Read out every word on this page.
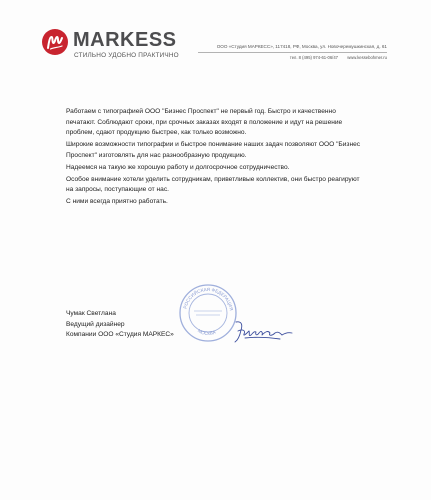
MARKESS
СТИЛЬНО УДОБНО ПРАКТИЧНО
ООО «Студия МАРКЕСС», 117418, РФ, Москва, ул. Новочеремушкинская, д. 61
тел. 8 (495) 974-61-06/47 www.kessebohmer.ru

Работаем с типографией ООО "Бизнес Проспект" не первый год. Быстро и качественно печатают. Соблюдают сроки, при срочных заказах входят в положение и идут на решение проблем, сдают продукцию быстрее, как только возможно.

Широкие возможности типографии и быстрое понимание наших задач позволяют ООО "Бизнес Проспект" изготовлять для нас разнообразную продукцию.

Надеемся на такую же хорошую работу и долгосрочное сотрудничество.

Особое внимание хотели уделить сотрудникам, приветливые коллектив, они быстро реагируют на запросы, поступающие от нас.

С ними всегда приятно работать.

Чумак Светлана
Ведущий дизайнер
Компании ООО «Студия МАРКЕС»
РОССИЙСКАЯ ФЕДЕРАЦИЯ
МОСКВА
